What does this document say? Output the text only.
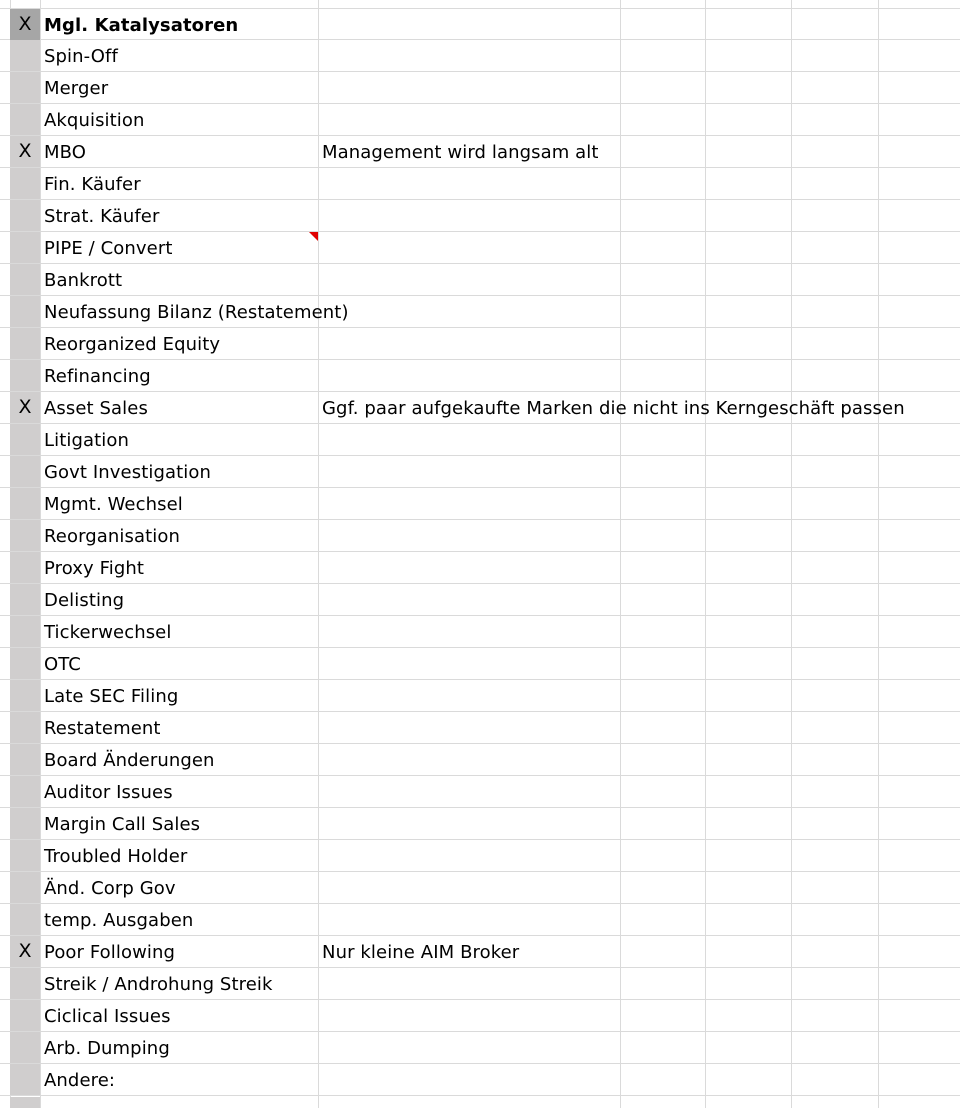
X Mgl. Katalysatoren
Spin-Off
Merger
Akquisition
X MBO	Management wird langsam alt
Fin. Käufer
Strat. Käufer
PIPE / Convert
Bankrott
Neufassung Bilanz (Restatement)
Reorganized Equity
Refinancing
X Asset Sales	Ggf. paar aufgekaufte Marken die nicht ins Kerngeschäft passen
Litigation
Govt Investigation
Mgmt. Wechsel
Reorganisation
Proxy Fight
Delisting
Tickerwechsel
OTC
Late SEC Filing
Restatement
Board Änderungen
Auditor Issues
Margin Call Sales
Troubled Holder
Änd. Corp Gov
temp. Ausgaben
X Poor Following	Nur kleine AIM Broker
Streik / Androhung Streik
Ciclical Issues
Arb. Dumping
Andere:
